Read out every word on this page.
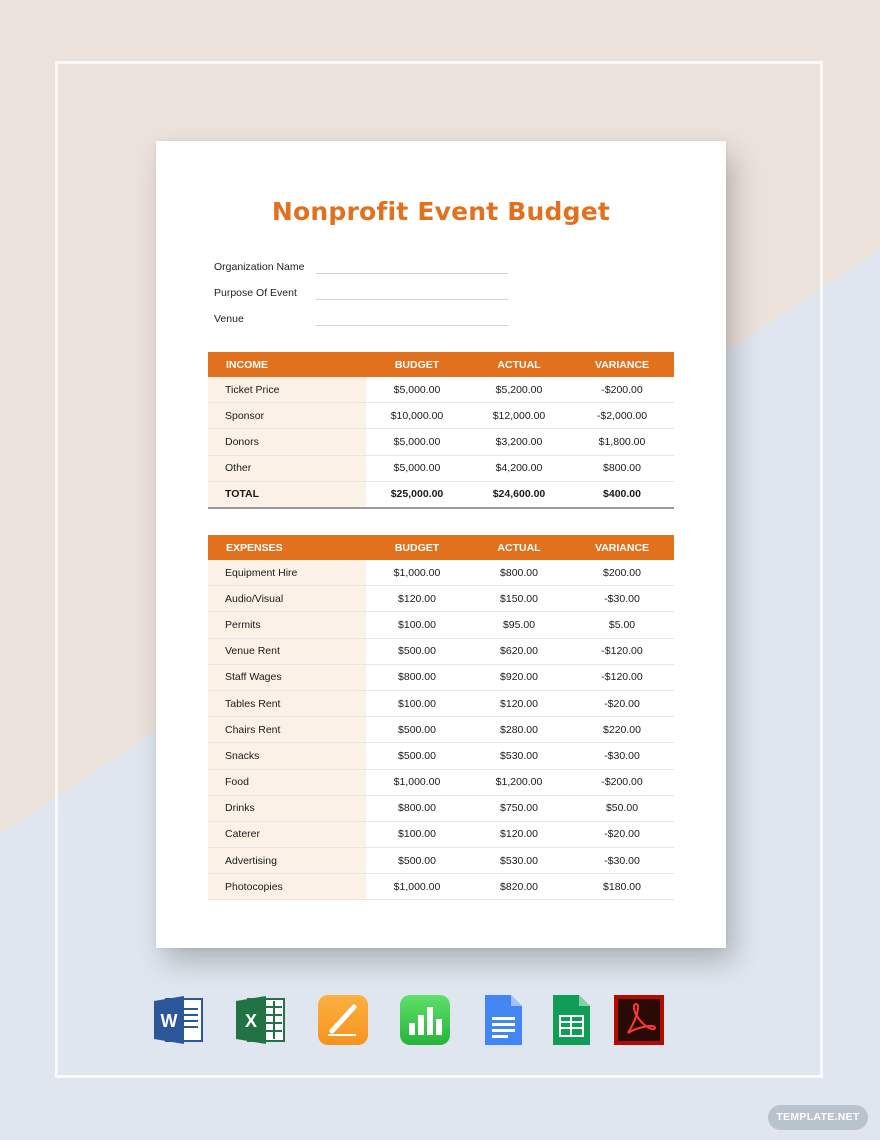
Nonprofit Event Budget
Organization Name
Purpose Of Event
Venue
INCOME	BUDGET	ACTUAL	VARIANCE
Ticket Price	$5,000.00	$5,200.00	-$200.00
Sponsor	$10,000.00	$12,000.00	-$2,000.00
Donors	$5,000.00	$3,200.00	$1,800.00
Other	$5,000.00	$4,200.00	$800.00
TOTAL	$25,000.00	$24,600.00	$400.00
EXPENSES	BUDGET	ACTUAL	VARIANCE
Equipment Hire	$1,000.00	$800.00	$200.00
Audio/Visual	$120.00	$150.00	-$30.00
Permits	$100.00	$95.00	$5.00
Venue Rent	$500.00	$620.00	-$120.00
Staff Wages	$800.00	$920.00	-$120.00
Tables Rent	$100.00	$120.00	-$20.00
Chairs Rent	$500.00	$280.00	$220.00
Snacks	$500.00	$530.00	-$30.00
Food	$1,000.00	$1,200.00	-$200.00
Drinks	$800.00	$750.00	$50.00
Caterer	$100.00	$120.00	-$20.00
Advertising	$500.00	$530.00	-$30.00
Photocopies	$1,000.00	$820.00	$180.00
W	X
TEMPLATE.NET
